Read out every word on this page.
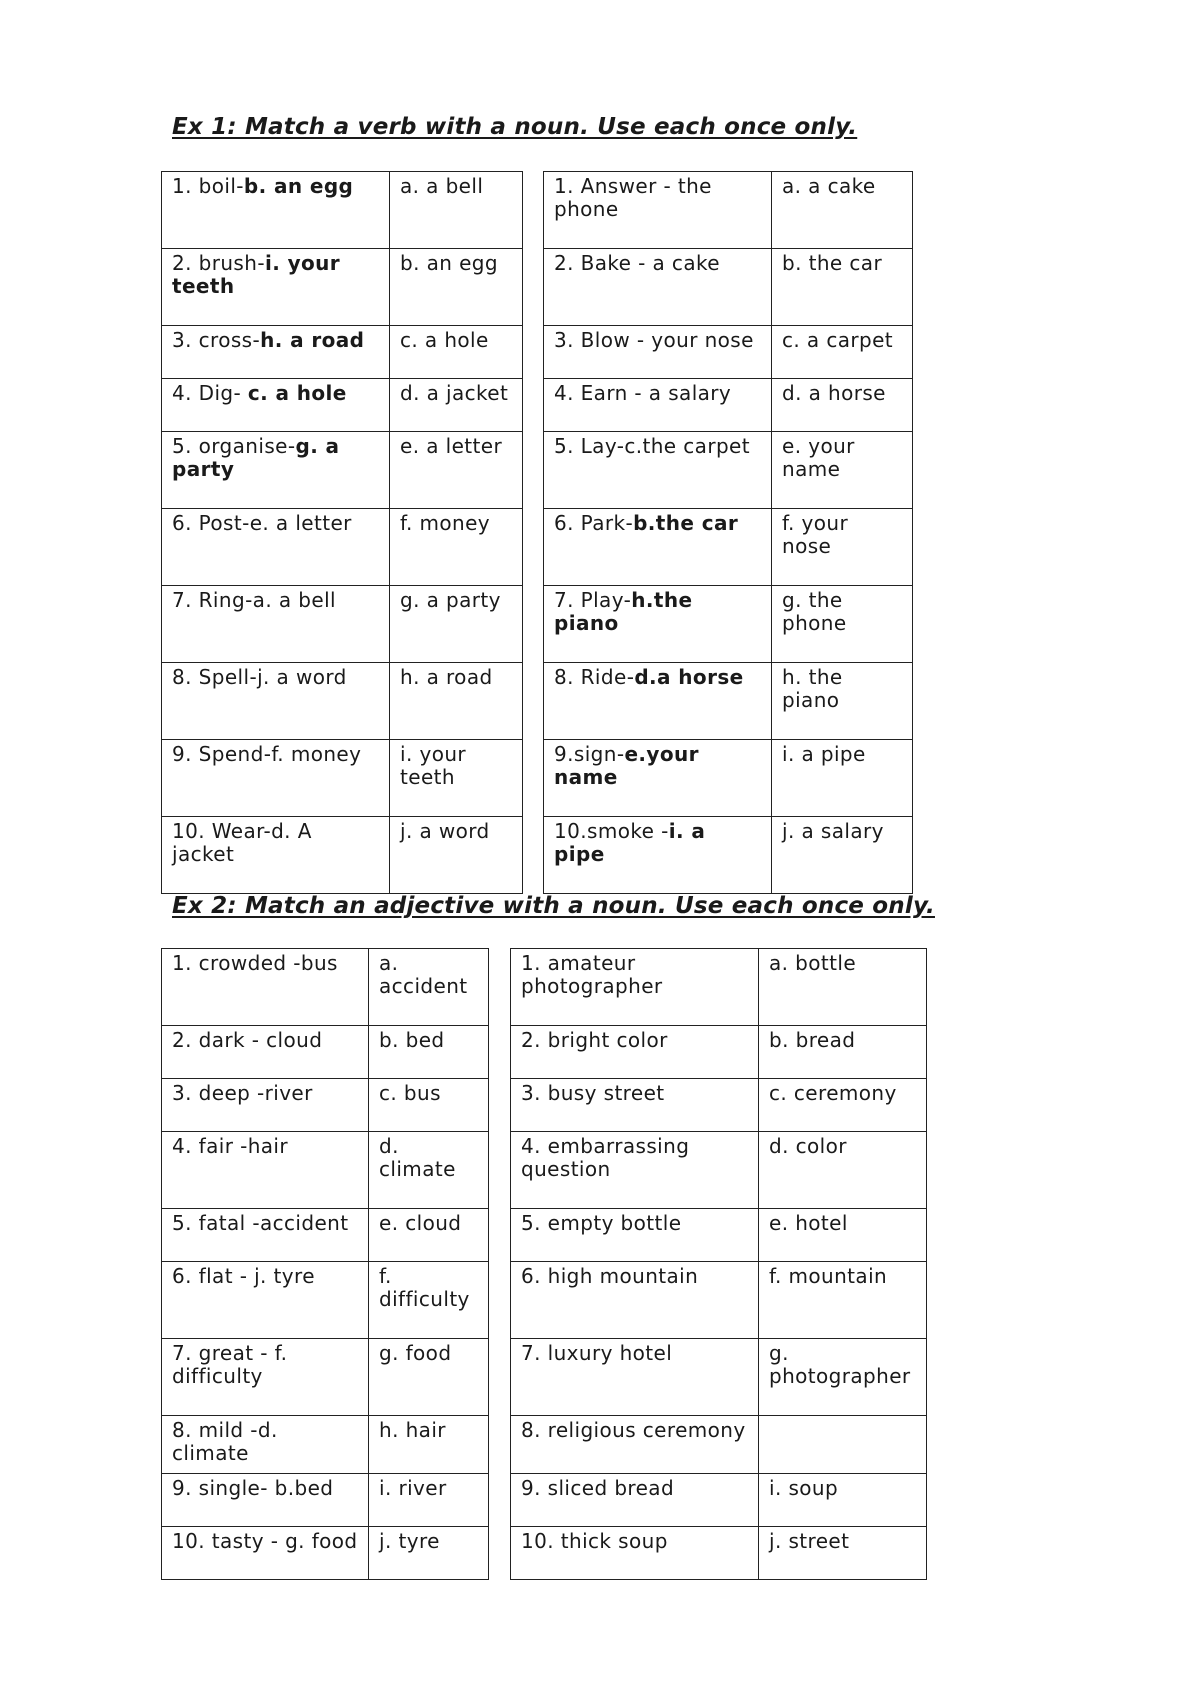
Ex 1: Match a verb with a noun. Use each once only.
1. boil-b. an egg	a. a bell
2. brush-i. your teeth	b. an egg
3. cross-h. a road	c. a hole
4. Dig- c. a hole	d. a jacket
5. organise-g. a party	e. a letter
6. Post-e. a letter	f. money
7. Ring-a. a bell	g. a party
8. Spell-j. a word	h. a road
9. Spend-f. money	i. your teeth
10. Wear-d. A jacket	j. a word
1. Answer - the phone	a. a cake
2. Bake - a cake	b. the car
3. Blow - your nose	c. a carpet
4. Earn - a salary	d. a horse
5. Lay-c.the carpet	e. your name
6. Park-b.the car	f. your nose
7. Play-h.the piano	g. the phone
8. Ride-d.a horse	h. the piano
9.sign-e.your name	i. a pipe
10.smoke -i. a pipe	j. a salary
Ex 2: Match an adjective with a noun. Use each once only.
1. crowded -bus	a. accident
2. dark - cloud	b. bed
3. deep -river	c. bus
4. fair -hair	d. climate
5. fatal -accident	e. cloud
6. flat - j. tyre	f. difficulty
7. great - f. difficulty	g. food
8. mild -d. climate	h. hair
9. single- b.bed	i. river
10. tasty - g. food	j. tyre
1. amateur photographer	a. bottle
2. bright color	b. bread
3. busy street	c. ceremony
4. embarrassing question	d. color
5. empty bottle	e. hotel
6. high mountain	f. mountain
7. luxury hotel	g. photographer
8. religious ceremony	
9. sliced bread	i. soup
10. thick soup	j. street
